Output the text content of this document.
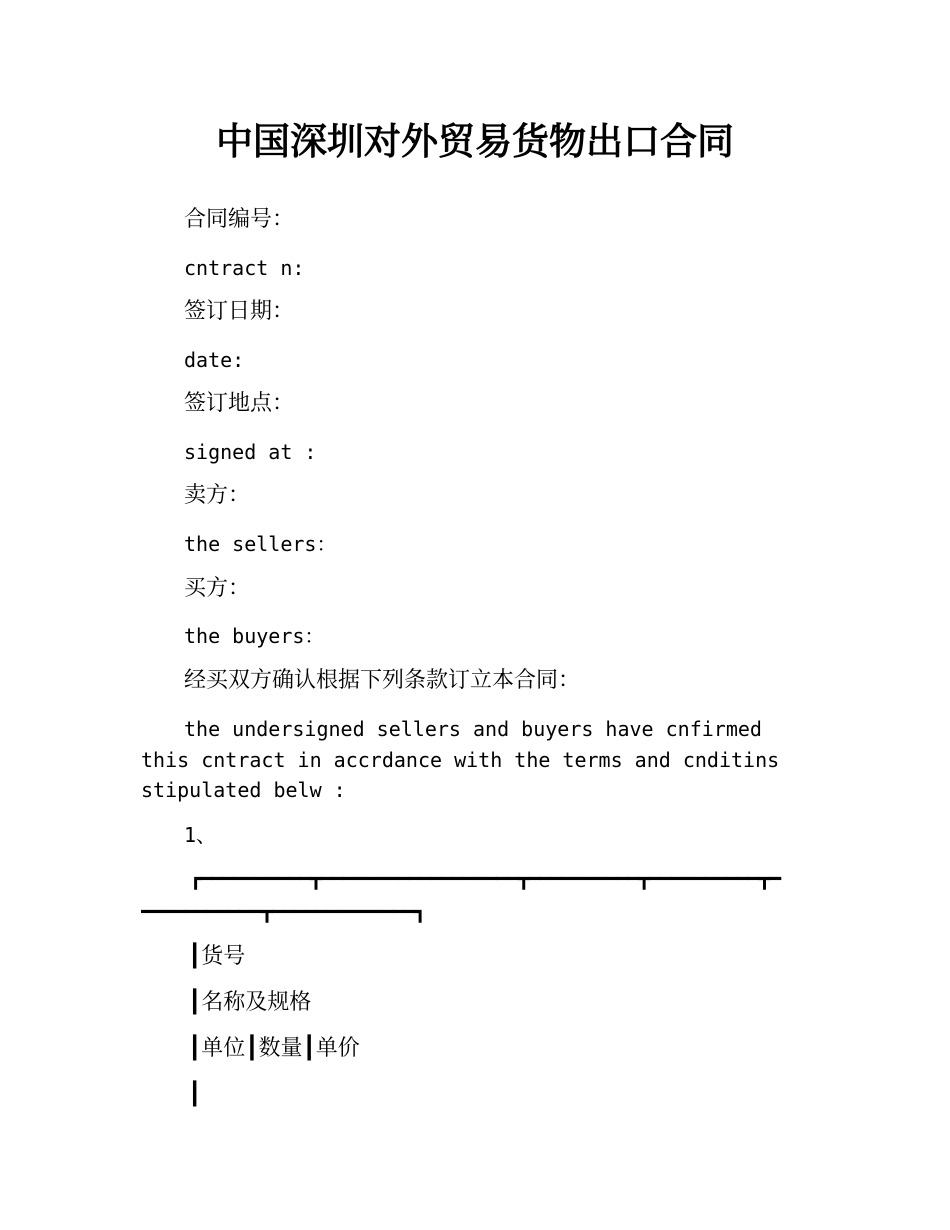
中国深圳对外贸易货物出口合同
合同编号：
cntract n:
签订日期：
date:
签订地点：
signed at :
卖方：
the sellers：
买方：
the buyers：
经买双方确认根据下列条款订立本合同：
the undersigned sellers and buyers have cnfirmed this cntract in accrdance with the terms and cnditins stipulated belw :
1、
┏━━━━━━━━━━┳━━━━━━━━━━━━━━━━━━┳━━━━━━━━━━┳━━━━━━━━━━┳━
━━━━━━━━━━━┳━━━━━━━━━━━━━┓
┃货号
┃名称及规格
┃单位┃数量┃单价
┃
